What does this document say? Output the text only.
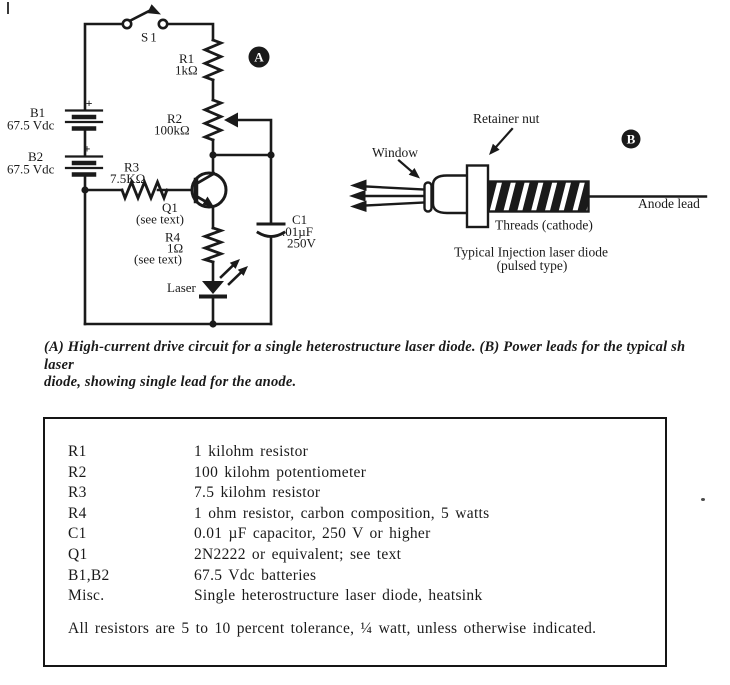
S1
R1
1kΩ
R2
100kΩ
R3
7.5KΩ
B1
67.5 Vdc
+
B2
67.5 Vdc
+
Q1
(see text)
R4
1Ω
(see text)
C1
.01µF
250V
Laser
A
Window
Retainer nut
Threads (cathode)
Anode lead
Typical Injection laser diode
(pulsed type)
B
(A) High-current drive circuit for a single heterostructure laser diode. (B) Power leads for the typical sh laser
diode, showing single lead for the anode.
R1	1 kilohm resistor
R2	100 kilohm potentiometer
R3	7.5 kilohm resistor
R4	1 ohm resistor, carbon composition, 5 watts
C1	0.01 µF capacitor, 250 V or higher
Q1	2N2222 or equivalent; see text
B1,B2	67.5 Vdc batteries
Misc.	Single heterostructure laser diode, heatsink
All resistors are 5 to 10 percent tolerance, ¼ watt, unless otherwise indicated.
